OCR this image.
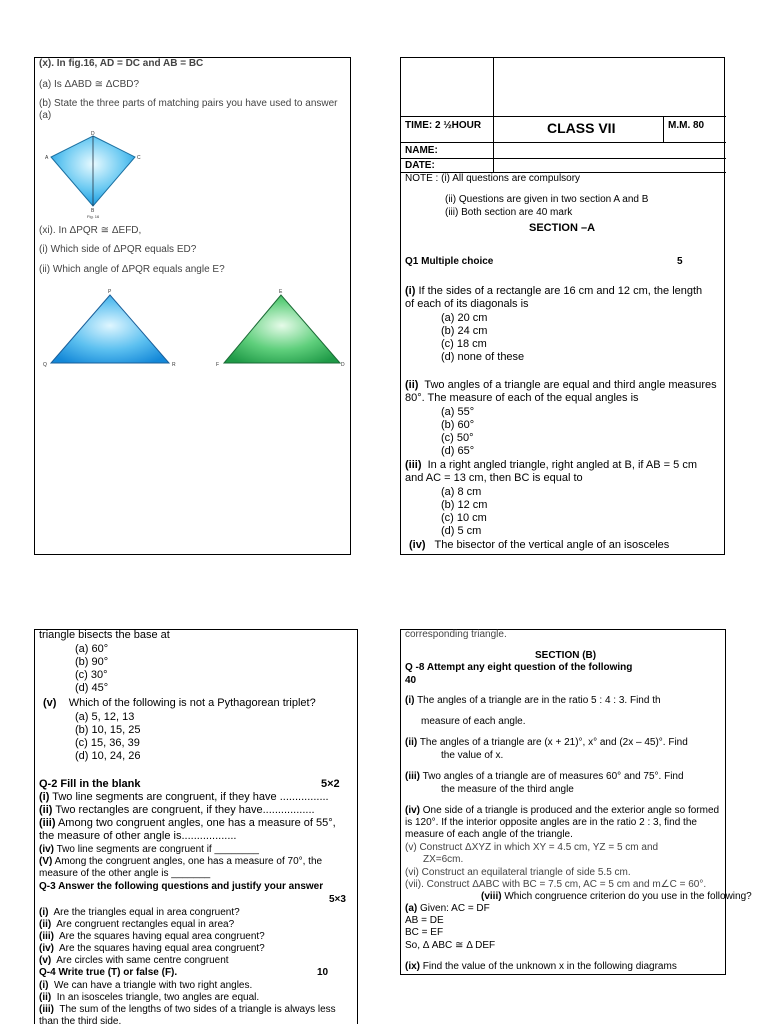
(x). In fig.16, AD = DC and AB = BC
(a) Is ΔABD ≅ ΔCBD?
(b) State the three parts of matching pairs you have used to answer (a)
D
A	C
B
Fig. 16
(xi). In ΔPQR ≅ ΔEFD,
(i) Which side of ΔPQR equals ED?
(ii) Which angle of ΔPQR equals angle E?
P
Q	R
E
F	D
TIME: 2 ½HOUR	CLASS VII	M.M. 80
NAME:
DATE:
NOTE : (i) All questions are compulsory
(ii) Questions are given in two section A and B
(iii) Both section are 40 mark
SECTION –A
Q1 Multiple choice	5
(i) If the sides of a rectangle are 16 cm and 12 cm, the length of each of its diagonals is
(a) 20 cm
(b) 24 cm
(c) 18 cm
(d) none of these
(ii) Two angles of a triangle are equal and third angle measures 80°. The measure of each of the equal angles is
(a) 55°
(b) 60°
(c) 50°
(d) 65°
(iii) In a right angled triangle, right angled at B, if AB = 5 cm and AC = 13 cm, then BC is equal to
(a) 8 cm
(b) 12 cm
(c) 10 cm
(d) 5 cm
(iv) The bisector of the vertical angle of an isosceles
triangle bisects the base at
(a) 60°
(b) 90°
(c) 30°
(d) 45°
(v) Which of the following is not a Pythagorean triplet?
(a) 5, 12, 13
(b) 10, 15, 25
(c) 15, 36, 39
(d) 10, 24, 26
Q-2 Fill in the blank	5×2
(i) Two line segments are congruent, if they have ................
(ii) Two rectangles are congruent, if they have.................
(iii) Among two congruent angles, one has a measure of 55°, the measure of other angle is..................
(iv) Two line segments are congruent if ________
(V) Among the congruent angles, one has a measure of 70°, the measure of the other angle is _______
Q-3 Answer the following questions and justify your answer
5×3
(i) Are the triangles equal in area congruent?
(ii) Are congruent rectangles equal in area?
(iii) Are the squares having equal area congruent?
(iv) Are the squares having equal area congruent?
(v) Are circles with same centre congruent
Q-4 Write true (T) or false (F).	10
(i) We can have a triangle with two right angles.
(ii) In an isosceles triangle, two angles are equal.
(iii) The sum of the lengths of two sides of a triangle is always less than the third side.
corresponding triangle.
SECTION (B)
Q -8 Attempt any eight question of the following
40
(i) The angles of a triangle are in the ratio 5 : 4 : 3. Find th
measure of each angle.
(ii) The angles of a triangle are (x + 21)°, x° and (2x – 45)°. Find
the value of x.
(iii) Two angles of a triangle are of measures 60° and 75°. Find
the measure of the third angle
(iv) One side of a triangle is produced and the exterior angle so formed is 120°. If the interior opposite angles are in the ratio 2 : 3, find the measure of each angle of the triangle.
(v) Construct ΔXYZ in which XY = 4.5 cm, YZ = 5 cm and
ZX=6cm.
(vi) Construct an equilateral triangle of side 5.5 cm.
(vii). Construct ΔABC with BC = 7.5 cm, AC = 5 cm and m∠C = 60°.
(viii) Which congruence criterion do you use in the following?
(a) Given: AC = DF
AB = DE
BC = EF
So, Δ ABC ≅ Δ DEF
(ix) Find the value of the unknown x in the following diagrams
